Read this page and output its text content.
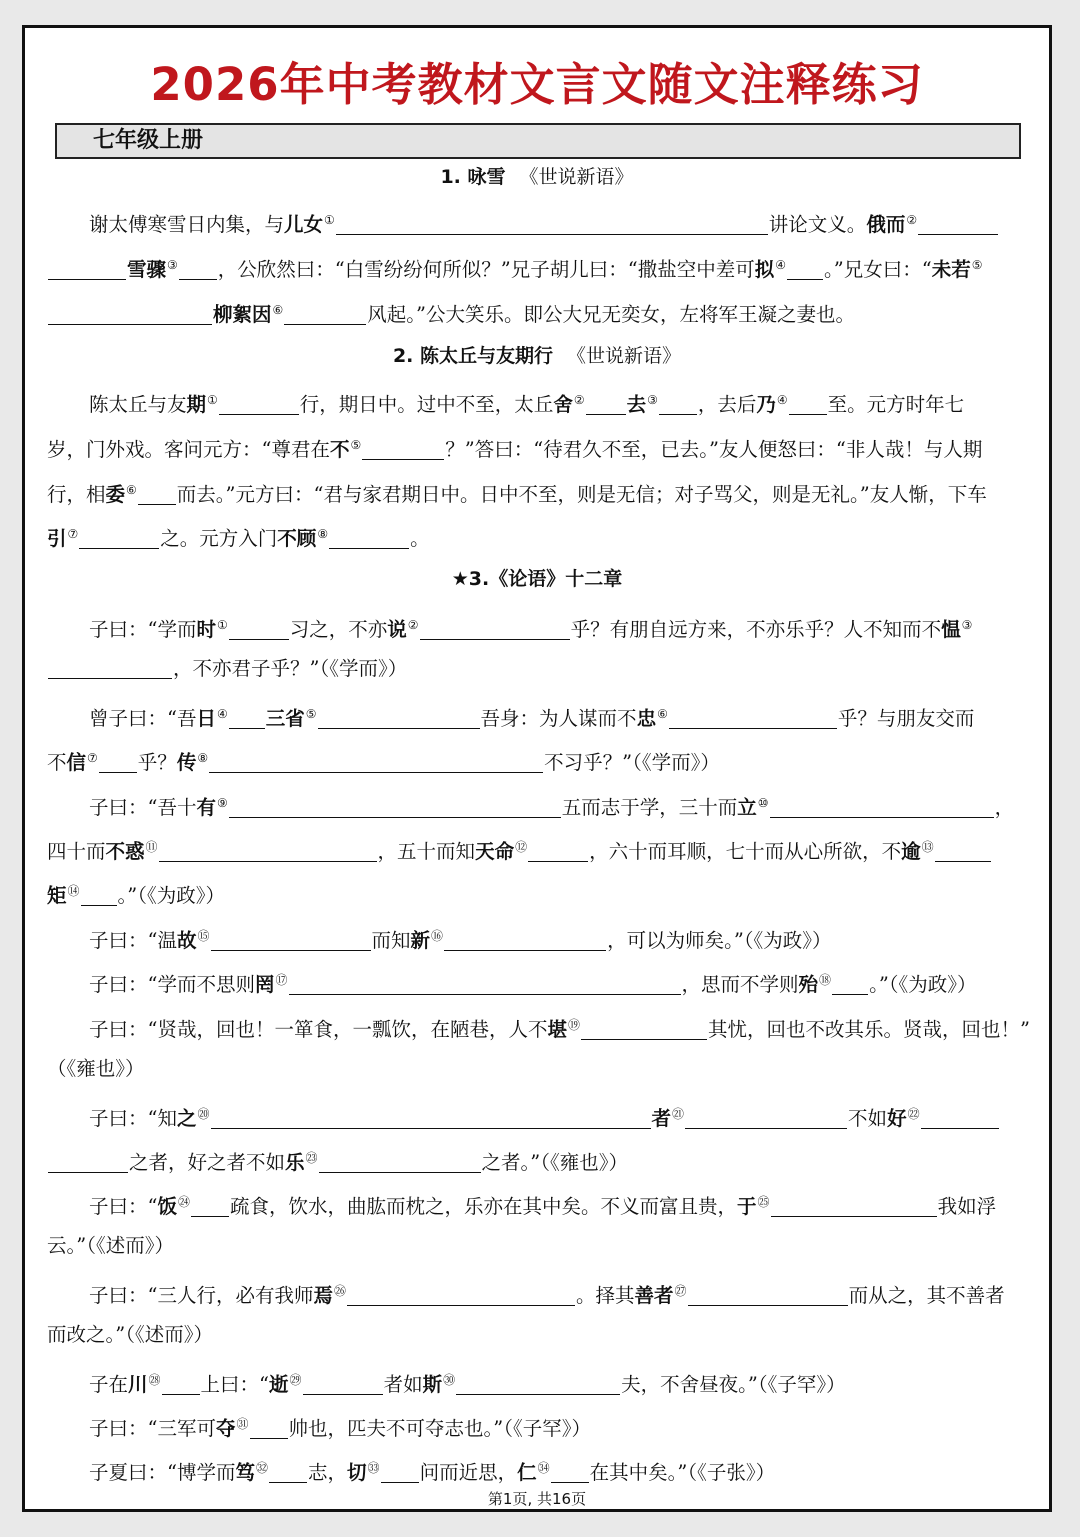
2026年中考教材文言文随文注释练习
七年级上册
1. 咏雪 《世说新语》
谢太傅寒雪日内集，与儿女①	讲论文义。俄而②
雪骤③ ，公欣然曰：“白雪纷纷何所似？”兄子胡儿曰：“撒盐空中差可拟④ 。”兄女曰：“未若⑤
柳絮因⑥	风起。”公大笑乐。即公大兄无奕女，左将军王凝之妻也。
2. 陈太丘与友期行 《世说新语》
陈太丘与友期①	行，期日中。过中不至，太丘舍② 去③ ，去后乃④ 至。元方时年七
岁，门外戏。客问元方：“尊君在不⑤	？”答曰：“待君久不至，已去。”友人便怒曰：“非人哉！与人期
行，相委⑥ 而去。”元方曰：“君与家君期日中。日中不至，则是无信；对子骂父，则是无礼。”友人惭，下车
引⑦	之。元方入门不顾⑧	。
★3.《论语》十二章
子曰：“学而时①	习之，不亦说②	乎？有朋自远方来，不亦乐乎？人不知而不愠③
，不亦君子乎？”（《学而》）
曾子曰：“吾日④ 三省⑤	吾身：为人谋而不忠⑥	乎？与朋友交而
不信⑦ 乎？传⑧	不习乎？”（《学而》）
子曰：“吾十有⑨	五而志于学，三十而立⑩	，
四十而不惑⑪	，五十而知天命⑫	，六十而耳顺，七十而从心所欲，不逾⑬
矩⑭ 。”（《为政》）
子曰：“温故⑮	而知新⑯	，可以为师矣。”（《为政》）
子曰：“学而不思则罔⑰	，思而不学则殆⑱ 。”（《为政》）
子曰：“贤哉，回也！一箪食，一瓢饮，在陋巷，人不堪⑲	其忧，回也不改其乐。贤哉，回也！”
（《雍也》）
子曰：“知之⑳	者$^㉑$	不如好$^㉒$
之者，好之者不如乐$^㉓$	之者。”（《雍也》）
子曰：“饭$^㉔$ 疏食，饮水，曲肱而枕之，乐亦在其中矣。不义而富且贵，于$^㉕$	我如浮
云。”（《述而》）
子曰：“三人行，必有我师焉$^㉖$	。择其善者$^㉗$	而从之，其不善者
而改之。”（《述而》）
子在川$^㉘$ 上曰：“逝$^㉙$	者如斯$^㉚$	夫，不舍昼夜。”（《子罕》）
子曰：“三军可夺$^㉛$ 帅也，匹夫不可夺志也。”（《子罕》）
子夏曰：“博学而笃$^㉜$ 志，切$^㉝$ 问而近思，仁$^㉞$ 在其中矣。”（《子张》）
第1页, 共16页
